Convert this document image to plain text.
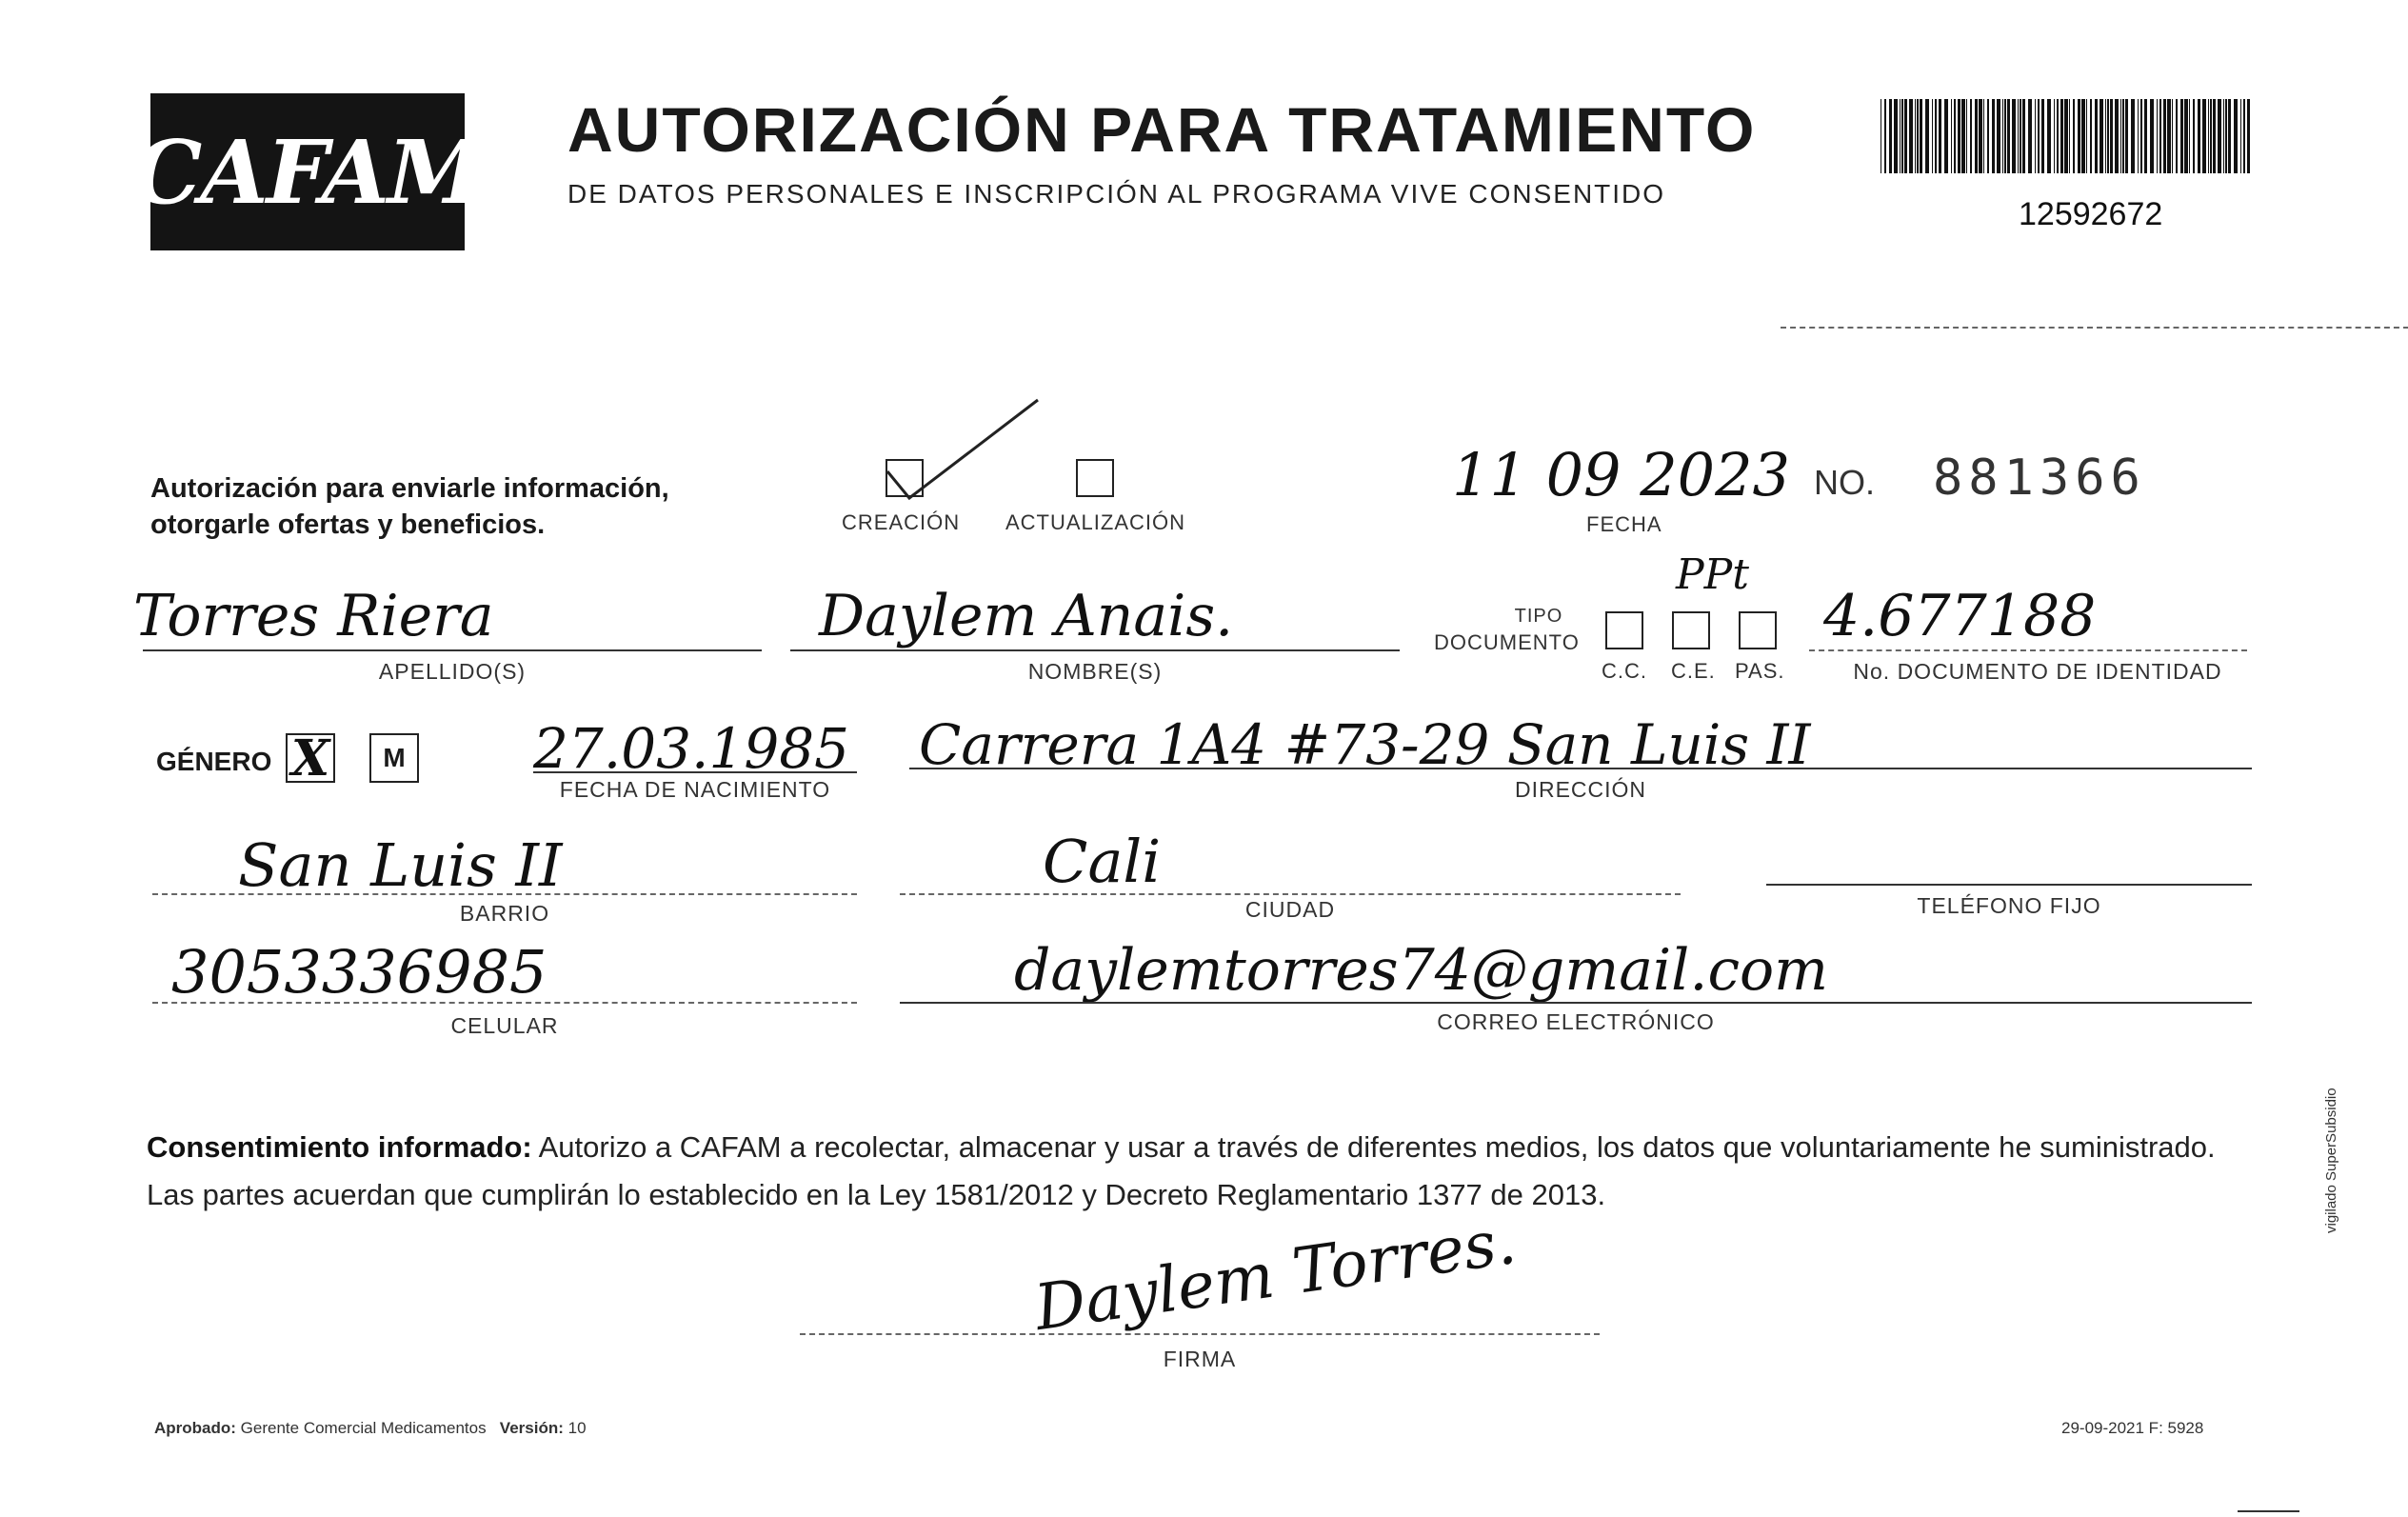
CAFAM AUTORIZACIÓN PARA TRATAMIENTO
DE DATOS PERSONALES E INSCRIPCIÓN AL PROGRAMA VIVE CONSENTIDO
12592672
Autorización para enviarle información,
otorgarle ofertas y beneficios.	CREACIÓN ACTUALIZACIÓN
11 09 2023
FECHA
NO. 881366
Torres Riera
APELLIDO(S)
Daylem Anais.
NOMBRE(S)
TIPO
DOCUMENTO
PPt
C.C. C.E. PAS.
4.677188
No. DOCUMENTO DE IDENTIDAD
GÉNERO X M 27.03.1985
FECHA DE NACIMIENTO
Carrera 1A4 #73-29 San Luis II
DIRECCIÓN
San Luis II
BARRIO
Cali
CIUDAD	TELÉFONO FIJO
3053336985
CELULAR
daylemtorres74@gmail.com
CORREO ELECTRÓNICO
Consentimiento informado: Autorizo a CAFAM a recolectar, almacenar y usar a través de diferentes medios, los datos que voluntariamente he suministrado. Las partes acuerdan que cumplirán lo establecido en la Ley 1581/2012 y Decreto Reglamentario 1377 de 2013.
Daylem Torres.
FIRMA
Aprobado: Gerente Comercial Medicamentos Versión: 10	29-09-2021 F: 5928
vigilado SuperSubsidio
